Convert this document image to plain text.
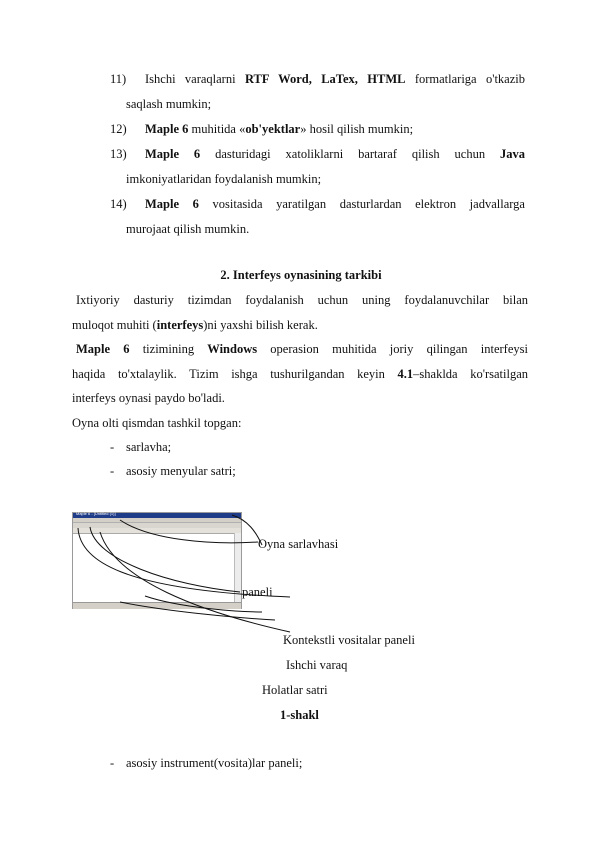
11)	Ishchi varaqlarni RTF Word, LaTex, HTML formatlariga o'tkazib
saqlash mumkin;
12)	Maple 6 muhitida «ob'yektlar» hosil qilish mumkin;
13)	Maple 6 dasturidagi xatoliklarni bartaraf qilish uchun Java
imkoniyatlaridan foydalanish mumkin;
14)	Maple 6 vositasida yaratilgan dasturlardan elektron jadvallarga
murojaat qilish mumkin.
2. Interfeys oynasining tarkibi
Ixtiyoriy dasturiy tizimdan foydalanish uchun uning foydalanuvchilar bilan
muloqot muhiti (interfeys)ni yaxshi bilish kerak.
Maple 6 tizimining Windows operasion muhitida joriy qilingan interfeysi
haqida to'xtalaylik. Tizim ishga tushurilgandan keyin 4.1–shaklda ko'rsatilgan
interfeys oynasi paydo bo'ladi.
Oyna olti qismdan tashkil topgan:
- sarlavha;
- asosiy menyular satri;
Maple 6 - [Untitled (1)]
Oyna sarlavhasi
paneli
Kontekstli vositalar paneli
Ishchi varaq
Holatlar satri
1-shakl
- asosiy instrument(vosita)lar paneli;
